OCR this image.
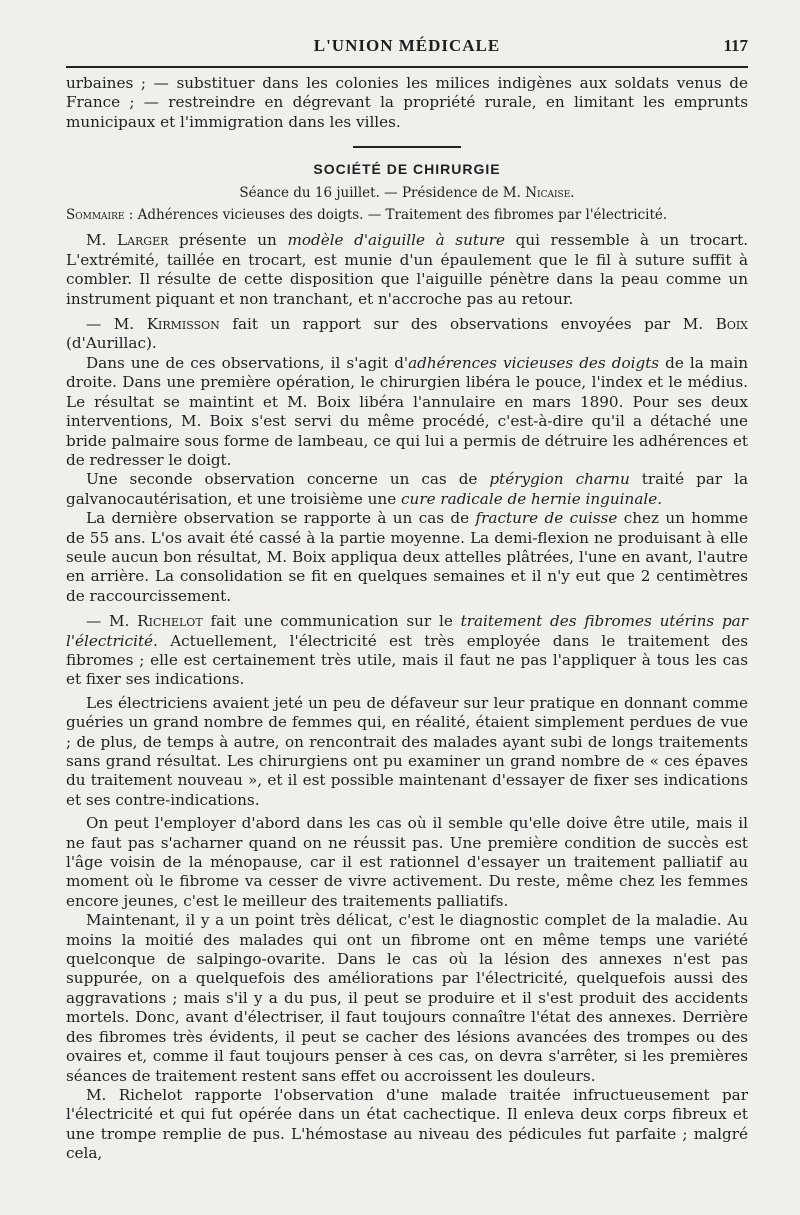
L'UNION MÉDICALE	117

urbaines ; — substituer dans les colonies les milices indigènes aux soldats venus de France ; — restreindre en dégrevant la propriété rurale, en limitant les emprunts municipaux et l'immigration dans les villes.

SOCIÉTÉ DE CHIRURGIE
Séance du 16 juillet. — Présidence de M. Nicaise.
Sommaire : Adhérences vicieuses des doigts. — Traitement des fibromes par l'électricité.

M. Larger présente un modèle d'aiguille à suture qui ressemble à un trocart. L'extrémité, taillée en trocart, est munie d'un épaulement que le fil à suture suffit à combler. Il résulte de cette disposition que l'aiguille pénètre dans la peau comme un instrument piquant et non tranchant, et n'accroche pas au retour.

— M. Kirmisson fait un rapport sur des observations envoyées par M. Boix (d'Aurillac).

Dans une de ces observations, il s'agit d'adhérences vicieuses des doigts de la main droite. Dans une première opération, le chirurgien libéra le pouce, l'index et le médius. Le résultat se maintint et M. Boix libéra l'annulaire en mars 1890. Pour ses deux interventions, M. Boix s'est servi du même procédé, c'est-à-dire qu'il a détaché une bride palmaire sous forme de lambeau, ce qui lui a permis de détruire les adhérences et de redresser le doigt.

Une seconde observation concerne un cas de ptérygion charnu traité par la galvanocautérisation, et une troisième une cure radicale de hernie inguinale.

La dernière observation se rapporte à un cas de fracture de cuisse chez un homme de 55 ans. L'os avait été cassé à la partie moyenne. La demi-flexion ne produisant à elle seule aucun bon résultat, M. Boix appliqua deux attelles plâtrées, l'une en avant, l'autre en arrière. La consolidation se fit en quelques semaines et il n'y eut que 2 centimètres de raccourcissement.

— M. Richelot fait une communication sur le traitement des fibromes utérins par l'électricité. Actuellement, l'électricité est très employée dans le traitement des fibromes ; elle est certainement très utile, mais il faut ne pas l'appliquer à tous les cas et fixer ses indications.

Les électriciens avaient jeté un peu de défaveur sur leur pratique en donnant comme guéries un grand nombre de femmes qui, en réalité, étaient simplement perdues de vue ; de plus, de temps à autre, on rencontrait des malades ayant subi de longs traitements sans grand résultat. Les chirurgiens ont pu examiner un grand nombre de « ces épaves du traitement nouveau », et il est possible maintenant d'essayer de fixer ses indications et ses contre-indications.

On peut l'employer d'abord dans les cas où il semble qu'elle doive être utile, mais il ne faut pas s'acharner quand on ne réussit pas. Une première condition de succès est l'âge voisin de la ménopause, car il est rationnel d'essayer un traitement palliatif au moment où le fibrome va cesser de vivre activement. Du reste, même chez les femmes encore jeunes, c'est le meilleur des traitements palliatifs.

Maintenant, il y a un point très délicat, c'est le diagnostic complet de la maladie. Au moins la moitié des malades qui ont un fibrome ont en même temps une variété quelconque de salpingo-ovarite. Dans le cas où la lésion des annexes n'est pas suppurée, on a quelquefois des améliorations par l'électricité, quelquefois aussi des aggravations ; mais s'il y a du pus, il peut se produire et il s'est produit des accidents mortels. Donc, avant d'électriser, il faut toujours connaître l'état des annexes. Derrière des fibromes très évidents, il peut se cacher des lésions avancées des trompes ou des ovaires et, comme il faut toujours penser à ces cas, on devra s'arrêter, si les premières séances de traitement restent sans effet ou accroissent les douleurs.

M. Richelot rapporte l'observation d'une malade traitée infructueusement par l'électricité et qui fut opérée dans un état cachectique. Il enleva deux corps fibreux et une trompe remplie de pus. L'hémostase au niveau des pédicules fut parfaite ; malgré cela,
